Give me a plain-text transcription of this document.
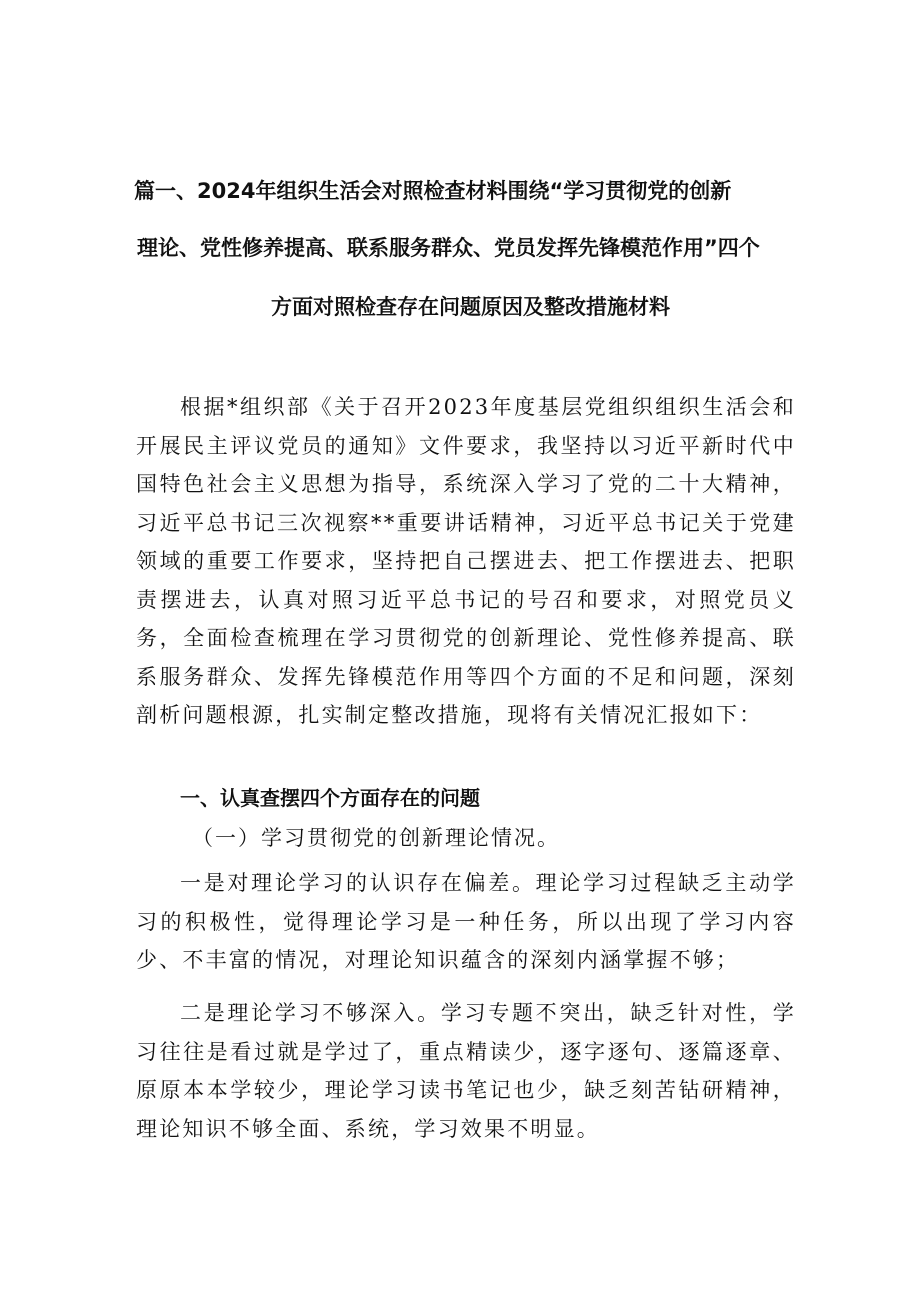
篇一、2024年组织生活会对照检查材料围绕“学习贯彻党的创新
理论、党性修养提高、联系服务群众、党员发挥先锋模范作用”四个
方面对照检查存在问题原因及整改措施材料
根据*组织部《关于召开2023年度基层党组织组织生活会和开展民主评议党员的通知》文件要求，我坚持以习近平新时代中国特色社会主义思想为指导，系统深入学习了党的二十大精神，习近平总书记三次视察**重要讲话精神，习近平总书记关于党建领域的重要工作要求，坚持把自己摆进去、把工作摆进去、把职责摆进去，认真对照习近平总书记的号召和要求，对照党员义务，全面检查梳理在学习贯彻党的创新理论、党性修养提高、联系服务群众、发挥先锋模范作用等四个方面的不足和问题，深刻剖析问题根源，扎实制定整改措施，现将有关情况汇报如下：
一、认真查摆四个方面存在的问题
（一）学习贯彻党的创新理论情况。
一是对理论学习的认识存在偏差。理论学习过程缺乏主动学习的积极性，觉得理论学习是一种任务，所以出现了学习内容少、不丰富的情况，对理论知识蕴含的深刻内涵掌握不够；
二是理论学习不够深入。学习专题不突出，缺乏针对性，学习往往是看过就是学过了，重点精读少，逐字逐句、逐篇逐章、原原本本学较少，理论学习读书笔记也少，缺乏刻苦钻研精神，理论知识不够全面、系统，学习效果不明显。
